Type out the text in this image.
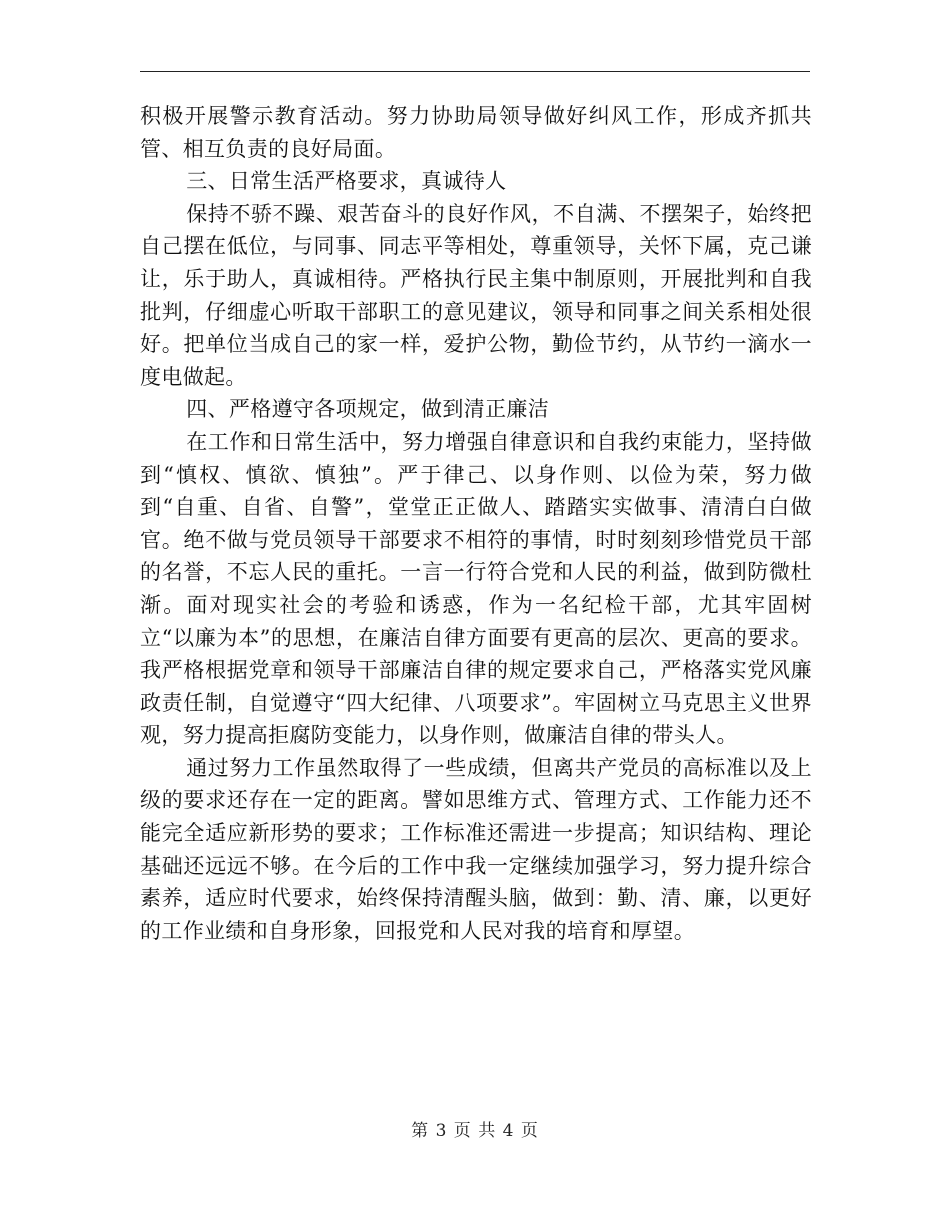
积极开展警示教育活动。努力协助局领导做好纠风工作，形成齐抓共管、相互负责的良好局面。

三、日常生活严格要求，真诚待人

保持不骄不躁、艰苦奋斗的良好作风，不自满、不摆架子，始终把自己摆在低位，与同事、同志平等相处，尊重领导，关怀下属，克己谦让，乐于助人，真诚相待。严格执行民主集中制原则，开展批判和自我批判，仔细虚心听取干部职工的意见建议，领导和同事之间关系相处很好。把单位当成自己的家一样，爱护公物，勤俭节约，从节约一滴水一度电做起。

四、严格遵守各项规定，做到清正廉洁

在工作和日常生活中，努力增强自律意识和自我约束能力，坚持做到“慎权、慎欲、慎独”。严于律己、以身作则、以俭为荣，努力做到“自重、自省、自警”，堂堂正正做人、踏踏实实做事、清清白白做官。绝不做与党员领导干部要求不相符的事情，时时刻刻珍惜党员干部的名誉，不忘人民的重托。一言一行符合党和人民的利益，做到防微杜渐。面对现实社会的考验和诱惑，作为一名纪检干部，尤其牢固树立“以廉为本”的思想，在廉洁自律方面要有更高的层次、更高的要求。我严格根据党章和领导干部廉洁自律的规定要求自己，严格落实党风廉政责任制，自觉遵守“四大纪律、八项要求”。牢固树立马克思主义世界观，努力提高拒腐防变能力，以身作则，做廉洁自律的带头人。

通过努力工作虽然取得了一些成绩，但离共产党员的高标准以及上级的要求还存在一定的距离。譬如思维方式、管理方式、工作能力还不能完全适应新形势的要求；工作标准还需进一步提高；知识结构、理论基础还远远不够。在今后的工作中我一定继续加强学习，努力提升综合素养，适应时代要求，始终保持清醒头脑，做到：勤、清、廉，以更好的工作业绩和自身形象，回报党和人民对我的培育和厚望。

第 3 页 共 4 页
